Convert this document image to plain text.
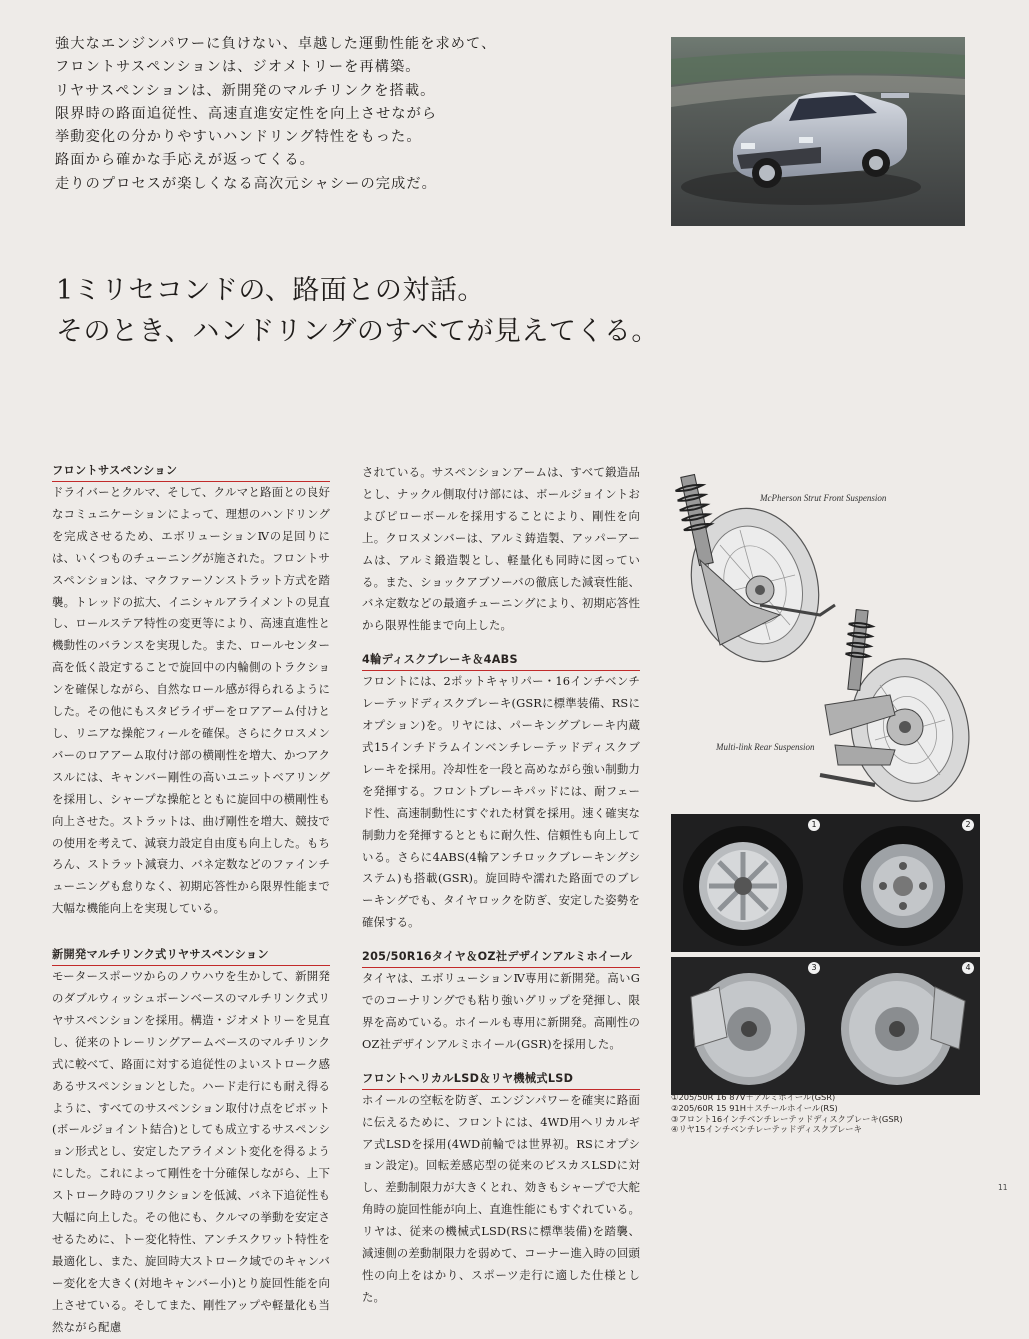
強大なエンジンパワーに負けない、卓越した運動性能を求めて、

フロントサスペンションは、ジオメトリーを再構築。

リヤサスペンションは、新開発のマルチリンクを搭載。

限界時の路面追従性、高速直進安定性を向上させながら

挙動変化の分かりやすいハンドリング特性をもった。

路面から確かな手応えが返ってくる。

走りのプロセスが楽しくなる高次元シャシーの完成だ。

1ミリセコンドの、路面との対話。

そのとき、ハンドリングのすべてが見えてくる。

フロントサスペンション

ドライバーとクルマ、そして、クルマと路面との良好なコミュニケーションによって、理想のハンドリングを完成させるため、エボリューションⅣの足回りには、いくつものチューニングが施された。フロントサスペンションは、マクファーソンストラット方式を踏襲。トレッドの拡大、イニシャルアライメントの見直し、ロールステア特性の変更等により、高速直進性と機動性のバランスを実現した。また、ロールセンター高を低く設定することで旋回中の内輪側のトラクションを確保しながら、自然なロール感が得られるようにした。その他にもスタビライザーをロアアーム付けとし、リニアな操舵フィールを確保。さらにクロスメンバーのロアアーム取付け部の横剛性を増大、かつアクスルには、キャンバー剛性の高いユニットベアリングを採用し、シャープな操舵とともに旋回中の横剛性も向上させた。ストラットは、曲げ剛性を増大、競技での使用を考えて、減衰力設定自由度も向上した。もちろん、ストラット減衰力、バネ定数などのファインチューニングも怠りなく、初期応答性から限界性能まで大幅な機能向上を実現している。

新開発マルチリンク式リヤサスペンション

モータースポーツからのノウハウを生かして、新開発のダブルウィッシュボーンベースのマルチリンク式リヤサスペンションを採用。構造・ジオメトリーを見直し、従来のトレーリングアームベースのマルチリンク式に較べて、路面に対する追従性のよいストローク感あるサスペンションとした。ハード走行にも耐え得るように、すべてのサスペンション取付け点をピボット(ボールジョイント結合)としても成立するサスペンション形式とし、安定したアライメント変化を得るようにした。これによって剛性を十分確保しながら、上下ストローク時のフリクションを低減、バネ下追従性も大幅に向上した。その他にも、クルマの挙動を安定させるために、トー変化特性、アンチスクワット特性を最適化し、また、旋回時大ストローク域でのキャンバー変化を大きく(対地キャンバー小)とり旋回性能を向上させている。そしてまた、剛性アップや軽量化も当然ながら配慮

されている。サスペンションアームは、すべて鍛造品とし、ナックル側取付け部には、ボールジョイントおよびピローボールを採用することにより、剛性を向上。クロスメンバーは、アルミ鋳造製、アッパーアームは、アルミ鍛造製とし、軽量化も同時に図っている。また、ショックアブソーバの徹底した減衰性能、バネ定数などの最適チューニングにより、初期応答性から限界性能まで向上した。

4輪ディスクブレーキ＆4ABS

フロントには、2ポットキャリパー・16インチベンチレーテッドディスクブレーキ(GSRに標準装備、RSにオプション)を。リヤには、パーキングブレーキ内蔵式15インチドラムインベンチレーテッドディスクブレーキを採用。冷却性を一段と高めながら強い制動力を発揮する。フロントブレーキパッドには、耐フェード性、高速制動性にすぐれた材質を採用。速く確実な制動力を発揮するとともに耐久性、信頼性も向上している。さらに4ABS(4輪アンチロックブレーキングシステム)も搭載(GSR)。旋回時や濡れた路面でのブレーキングでも、タイヤロックを防ぎ、安定した姿勢を確保する。

205/50R16タイヤ＆OZ社デザインアルミホイール

タイヤは、エボリューションⅣ専用に新開発。高いGでのコーナリングでも粘り強いグリップを発揮し、限界を高めている。ホイールも専用に新開発。高剛性のOZ社デザインアルミホイール(GSR)を採用した。

フロントヘリカルLSD＆リヤ機械式LSD

ホイールの空転を防ぎ、エンジンパワーを確実に路面に伝えるために、フロントには、4WD用ヘリカルギア式LSDを採用(4WD前輪では世界初。RSにオプション設定)。回転差感応型の従来のビスカスLSDに対し、差動制限力が大きくとれ、効きもシャープで大舵角時の旋回性能が向上、直進性能にもすぐれている。リヤは、従来の機械式LSD(RSに標準装備)を踏襲、減速側の差動制限力を弱めて、コーナー進入時の回頭性の向上をはかり、スポーツ走行に適した仕様とした。

McPherson Strut Front Suspension
Multi-link Rear Suspension
1	2
3	4
①205/50R 16 87V＋アルミホイール(GSR)
②205/60R 15 91H＋スチールホイール(RS)
③フロント16インチベンチレーテッドディスクブレーキ(GSR)
④リヤ15インチベンチレーテッドディスクブレーキ
11
